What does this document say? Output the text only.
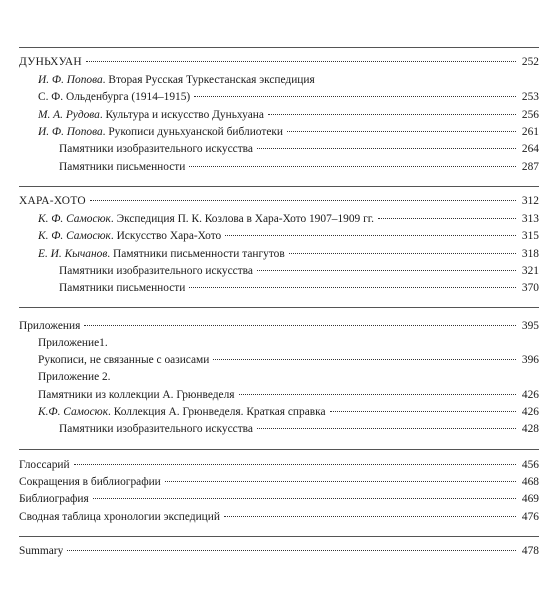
ДУНЬХУАН	252
И. Ф. Попова. Вторая Русская Туркестанская экспедиция
С. Ф. Ольденбурга (1914–1915)	253
М. А. Рудова. Культура и искусство Дуньхуана	256
И. Ф. Попова. Рукописи дуньхуанской библиотеки	261
Памятники изобразительного искусства	264
Памятники письменности	287
ХАРА-ХОТО	312
К. Ф. Самосюк. Экспедиция П. К. Козлова в Хара-Хото 1907–1909 гг.	313
К. Ф. Самосюк. Искусство Хара-Хото	315
Е. И. Кычанов. Памятники письменности тангутов	318
Памятники изобразительного искусства	321
Памятники письменности	370
Приложения	395
Приложение1.
Рукописи, не связанные с оазисами	396
Приложение 2.
Памятники из коллекции А. Грюнведеля	426
К.Ф. Самосюк. Коллекция А. Грюнведеля. Краткая справка	426
Памятники изобразительного искусства	428
Глоссарий	456
Сокращения в библиографии	468
Библиография	469
Сводная таблица хронологии экспедиций	476
Summary	478
